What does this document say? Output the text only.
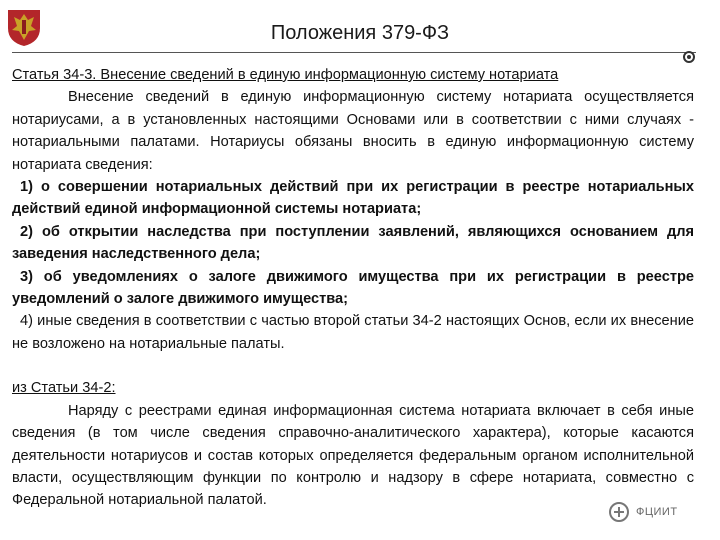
Положения 379-ФЗ

Статья 34-3. Внесение сведений в единую информационную систему нотариата

Внесение сведений в единую информационную систему нотариата осуществляется нотариусами, а в установленных настоящими Основами или в соответствии с ними случаях - нотариальными палатами. Нотариусы обязаны вносить в единую информационную систему нотариата сведения:

1) о совершении нотариальных действий при их регистрации в реестре нотариальных действий единой информационной системы нотариата;

2) об открытии наследства при поступлении заявлений, являющихся основанием для заведения наследственного дела;

3) об уведомлениях о залоге движимого имущества при их регистрации в реестре уведомлений о залоге движимого имущества;

4) иные сведения в соответствии с частью второй статьи 34-2 настоящих Основ, если их внесение не возложено на нотариальные палаты.

из Статьи 34-2:

Наряду с реестрами единая информационная система нотариата включает в себя иные сведения (в том числе сведения справочно-аналитического характера), которые касаются деятельности нотариусов и состав которых определяется федеральным органом исполнительной власти, осуществляющим функции по контролю и надзору в сфере нотариата, совместно с Федеральной нотариальной палатой.

ФЦИИТ
